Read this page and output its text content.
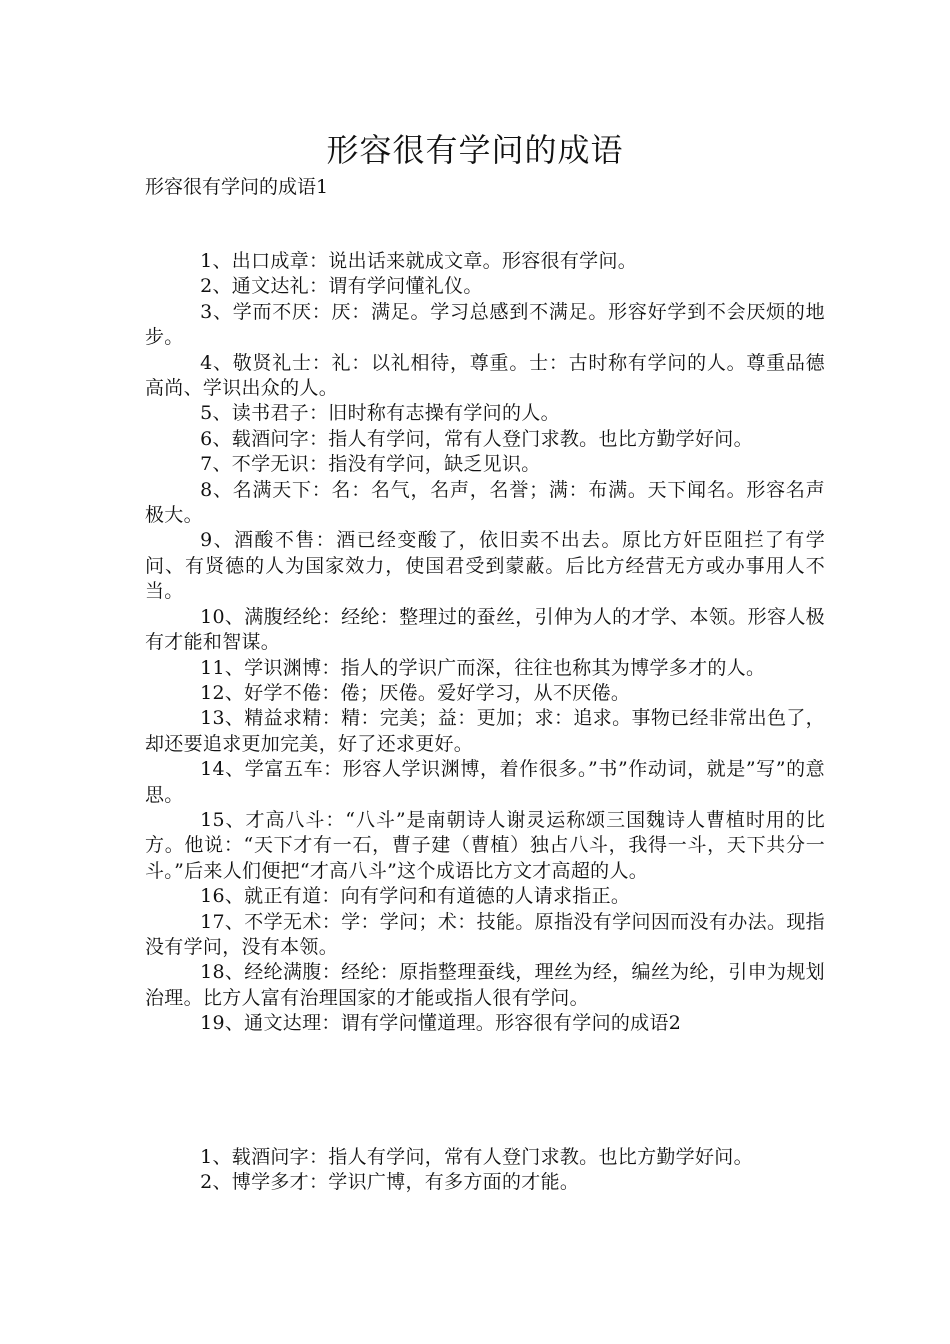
形容很有学问的成语
形容很有学问的成语1

1、出口成章：说出话来就成文章。形容很有学问。

2、通文达礼：谓有学问懂礼仪。

3、学而不厌：厌：满足。学习总感到不满足。形容好学到不会厌烦的地步。

4、敬贤礼士：礼：以礼相待，尊重。士：古时称有学问的人。尊重品德高尚、学识出众的人。

5、读书君子：旧时称有志操有学问的人。

6、载酒问字：指人有学问，常有人登门求教。也比方勤学好问。

7、不学无识：指没有学问，缺乏见识。

8、名满天下：名：名气，名声，名誉；满：布满。天下闻名。形容名声极大。

9、酒酸不售：酒已经变酸了，依旧卖不出去。原比方奸臣阻拦了有学问、有贤德的人为国家效力，使国君受到蒙蔽。后比方经营无方或办事用人不当。

10、满腹经纶：经纶：整理过的蚕丝，引伸为人的才学、本领。形容人极有才能和智谋。

11、学识渊博：指人的学识广而深，往往也称其为博学多才的人。

12、好学不倦：倦；厌倦。爱好学习，从不厌倦。

13、精益求精：精：完美；益：更加；求：追求。事物已经非常出色了，却还要追求更加完美，好了还求更好。

14、学富五车：形容人学识渊博，着作很多。”书”作动词，就是”写”的意思。

15、才高八斗：“八斗”是南朝诗人谢灵运称颂三国魏诗人曹植时用的比方。他说：“天下才有一石，曹子建（曹植）独占八斗，我得一斗，天下共分一斗。”后来人们便把“才高八斗”这个成语比方文才高超的人。

16、就正有道：向有学问和有道德的人请求指正。

17、不学无术：学：学问；术：技能。原指没有学问因而没有办法。现指没有学问，没有本领。

18、经纶满腹：经纶：原指整理蚕线，理丝为经，编丝为纶，引申为规划治理。比方人富有治理国家的才能或指人很有学问。

19、通文达理：谓有学问懂道理。形容很有学问的成语2

1、载酒问字：指人有学问，常有人登门求教。也比方勤学好问。

2、博学多才：学识广博，有多方面的才能。
